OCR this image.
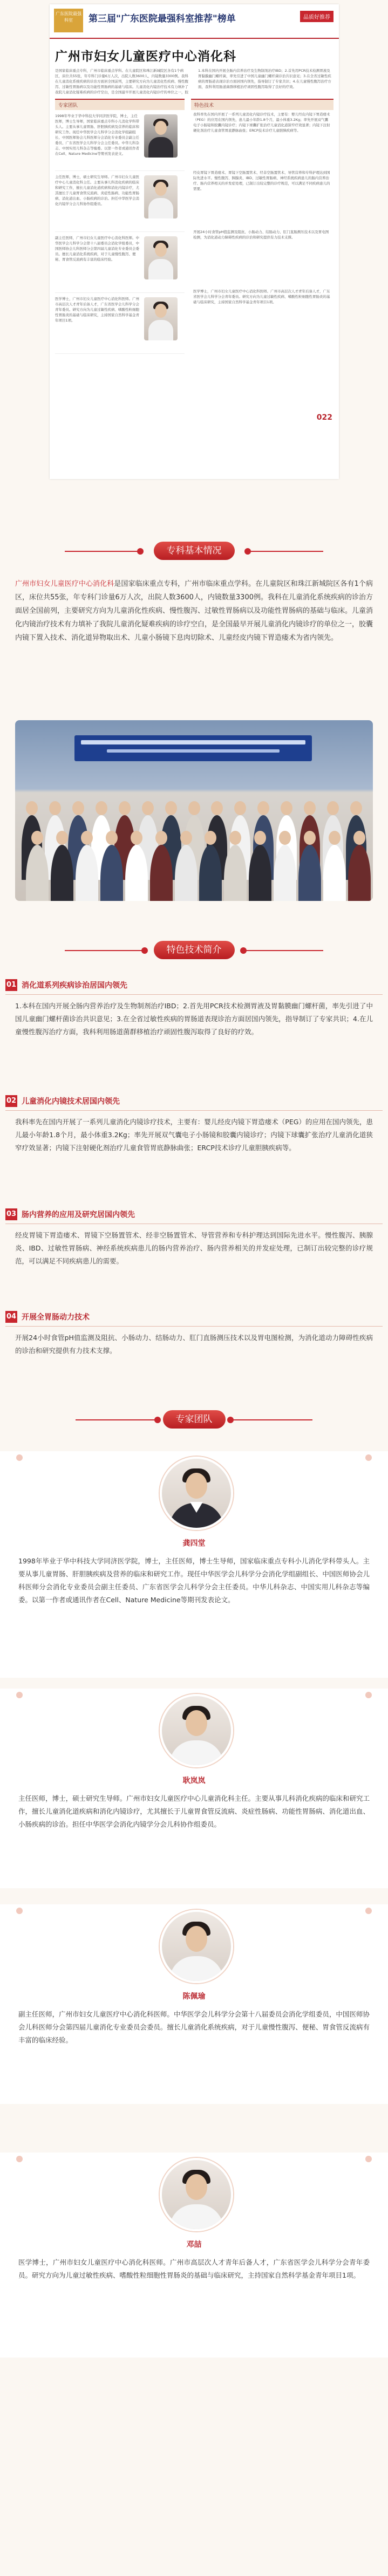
广东医院最强科室	第三届"广东医院最强科室推荐"榜单	品质好推荐
广州市妇女儿童医疗中心消化科
是国家临床重点专科，广州市临床重点学科。在儿童院区和珠江新城院区各有1个病区，床位共55张，年专科门诊量6万人次，出院人数3600人，内镜数量3300例。我科在儿童消化系统疾病的诊治方面居全国前列，主要研究方向为儿童消化性疾病、慢性腹泻、过敏性胃肠病以及功能性胃肠病的基础与临床。儿童消化内镜治疗技术有力填补了我院儿童消化疑难疾病的诊疗空白，是全国最早开展儿童消化内镜诊疗的单位之一，胶
1.本科在国内开展全肠内营养治疗及生物制剂治疗IBD；2.首先用PCR技术检测胃液及胃黏膜幽门螺杆菌，率先引进了中国儿童幽门螺杆菌诊治共识意见；3.在全省过敏性疾病的胃肠道表现诊治方面居国内领先，指导制订了专家共识；4.在儿童慢性腹泻治疗方面，我科利用肠道菌群移植治疗顽固性腹泻取得了良好的疗效。
专家团队
1998年毕业于华中科技大学同济医学院，博士，主任医师，博士生导师，国家临床重点专科小儿消化学科带头人。主要从事儿童胃肠、肝胆胰疾病及营养的临床和研究工作。现任中华医学会儿科学分会消化学组副组长、中国医师协会儿科医师分会消化专业委员会副主任委员、广东省医学会儿科学分会主任委员。中华儿科杂志、中国实用儿科杂志等编委。以第一作者或通讯作者在Cell、Nature Medicine等期刊发表论文。
主任医师，博士，硕士研究生导师。广州市妇女儿童医疗中心儿童消化科主任。主要从事儿科消化疾病的临床和研究工作，擅长儿童消化道疾病和消化内镜诊疗，尤其擅长于儿童胃食管反流病、炎症性肠病、功能性胃肠病、消化道出血、小肠疾病的诊治。担任中华医学会消化内镜学分会儿科协作组委员。
副主任医师，广州市妇女儿童医疗中心消化科医师。中华医学会儿科学分会第十八届委员会消化学组委员，中国医师协会儿科医师分会第四届儿童消化专业委员会委员。擅长儿童消化系统疾病，对于儿童慢性腹泻、便秘、胃食管反流病有丰富的临床经验。
医学博士，广州市妇女儿童医疗中心消化科医师。广州市高层次人才青年后备人才，广东省医学会儿科学分会青年委员。研究方向为儿童过敏性疾病、嗜酸性粒细胞性胃肠炎的基础与临床研究，主持国家自然科学基金青年项目1项。
特色技术
我科率先在国内开展了一系列儿童消化内镜诊疗技术，主要有：婴儿经皮内镜下胃造瘘术（PEG）的应用在国内领先，患儿最小年龄1.8个月，最小体重3.2Kg；率先开展双气囊电子小肠镜和胶囊内镜诊疗；内镜下球囊扩张治疗儿童消化道狭窄疗效显著；内镜下注射硬化剂治疗儿童食管胃底静脉曲张；ERCP技术诊疗儿童胆胰疾病等。
经皮胃镜下胃造瘘术、胃镜下空肠置管术、经非空肠置管术、导管营养和专科护理达到国际先进水平。慢性腹泻、胰腺炎、IBD、过敏性胃肠病、神经系统疾病患儿的肠内营养治疗、肠内营养相关的并发症处理，已制订出较完整的诊疗规范，可以满足不同疾病患儿的需要。
开展24小时食管pH值监测及阻抗、小肠动力、结肠动力、肛门直肠测压技术以及胃电图检测，为消化道动力障碍性疾病的诊治和研究提供有力技术支撑。
医学博士，广州市妇女儿童医疗中心消化科医师。广州市高层次人才青年后备人才，广东省医学会儿科学分会青年委员。研究方向为儿童过敏性疾病、嗜酸性粒细胞性胃肠炎的基础与临床研究，主持国家自然科学基金青年项目1项。
022
专科基本情况
广州市妇女儿童医疗中心消化科是国家临床重点专科，广州市临床重点学科。在儿童院区和珠江新城院区各有1个病区，床位共55张，年专科门诊量6万人次，出院人数3600人，内镜数量3300例。我科在儿童消化系统疾病的诊治方面居全国前列，主要研究方向为儿童消化性疾病、慢性腹泻、过敏性胃肠病以及功能性胃肠病的基础与临床。儿童消化内镜治疗技术有力填补了我院儿童消化疑难疾病的诊疗空白，是全国最早开展儿童消化内镜诊疗的单位之一，胶囊内镜下置入技术、消化道异物取出术、儿童小肠镜下息肉切除术、儿童经皮内镜下胃造瘘术为省内领先。
特色技术简介
01 消化道系列疾病诊治居国内领先
1.本科在国内开展全肠内营养治疗及生物制剂治疗IBD；2.首先用PCR技术检测胃液及胃黏膜幽门螺杆菌，率先引进了中国儿童幽门螺杆菌诊治共识意见；3.在全省过敏性疾病的胃肠道表现诊治方面居国内领先，指导制订了专家共识；4.在儿童慢性腹泻治疗方面，我科利用肠道菌群移植治疗顽固性腹泻取得了良好的疗效。
02 儿童消化内镜技术居国内领先
我科率先在国内开展了一系列儿童消化内镜诊疗技术，主要有：婴儿经皮内镜下胃造瘘术（PEG）的应用在国内领先，患儿最小年龄1.8个月，最小体重3.2Kg；率先开展双气囊电子小肠镜和胶囊内镜诊疗；内镜下球囊扩张治疗儿童消化道狭窄疗效显著；内镜下注射硬化剂治疗儿童食管胃底静脉曲张；ERCP技术诊疗儿童胆胰疾病等。
03 肠内营养的应用及研究居国内领先
经皮胃镜下胃造瘘术、胃镜下空肠置管术、经非空肠置管术、导管营养和专科护理达到国际先进水平。慢性腹泻、胰腺炎、IBD、过敏性胃肠病、神经系统疾病患儿的肠内营养治疗、肠内营养相关的并发症处理，已制订出较完整的诊疗规范，可以满足不同疾病患儿的需要。
04 开展全胃肠动力技术
开展24小时食管pH值监测及阻抗、小肠动力、结肠动力、肛门直肠测压技术以及胃电图检测，为消化道动力障碍性疾病的诊治和研究提供有力技术支撑。
专家团队
龚四堂
1998年毕业于华中科技大学同济医学院，博士，主任医师，博士生导师，国家临床重点专科小儿消化学科带头人。主要从事儿童胃肠、肝胆胰疾病及营养的临床和研究工作。现任中华医学会儿科学分会消化学组副组长、中国医师协会儿科医师分会消化专业委员会副主任委员、广东省医学会儿科学分会主任委员。中华儿科杂志、中国实用儿科杂志等编委。以第一作者或通讯作者在Cell、Nature Medicine等期刊发表论文。
耿岚岚
主任医师，博士，硕士研究生导师。广州市妇女儿童医疗中心儿童消化科主任。主要从事儿科消化疾病的临床和研究工作，擅长儿童消化道疾病和消化内镜诊疗，尤其擅长于儿童胃食管反流病、炎症性肠病、功能性胃肠病、消化道出血、小肠疾病的诊治。担任中华医学会消化内镜学分会儿科协作组委员。
陈佩瑜
副主任医师，广州市妇女儿童医疗中心消化科医师。中华医学会儿科学分会第十八届委员会消化学组委员，中国医师协会儿科医师分会第四届儿童消化专业委员会委员。擅长儿童消化系统疾病，对于儿童慢性腹泻、便秘、胃食管反流病有丰富的临床经验。
邓喆
医学博士，广州市妇女儿童医疗中心消化科医师。广州市高层次人才青年后备人才，广东省医学会儿科学分会青年委员。研究方向为儿童过敏性疾病、嗜酸性粒细胞性胃肠炎的基础与临床研究，主持国家自然科学基金青年项目1项。
